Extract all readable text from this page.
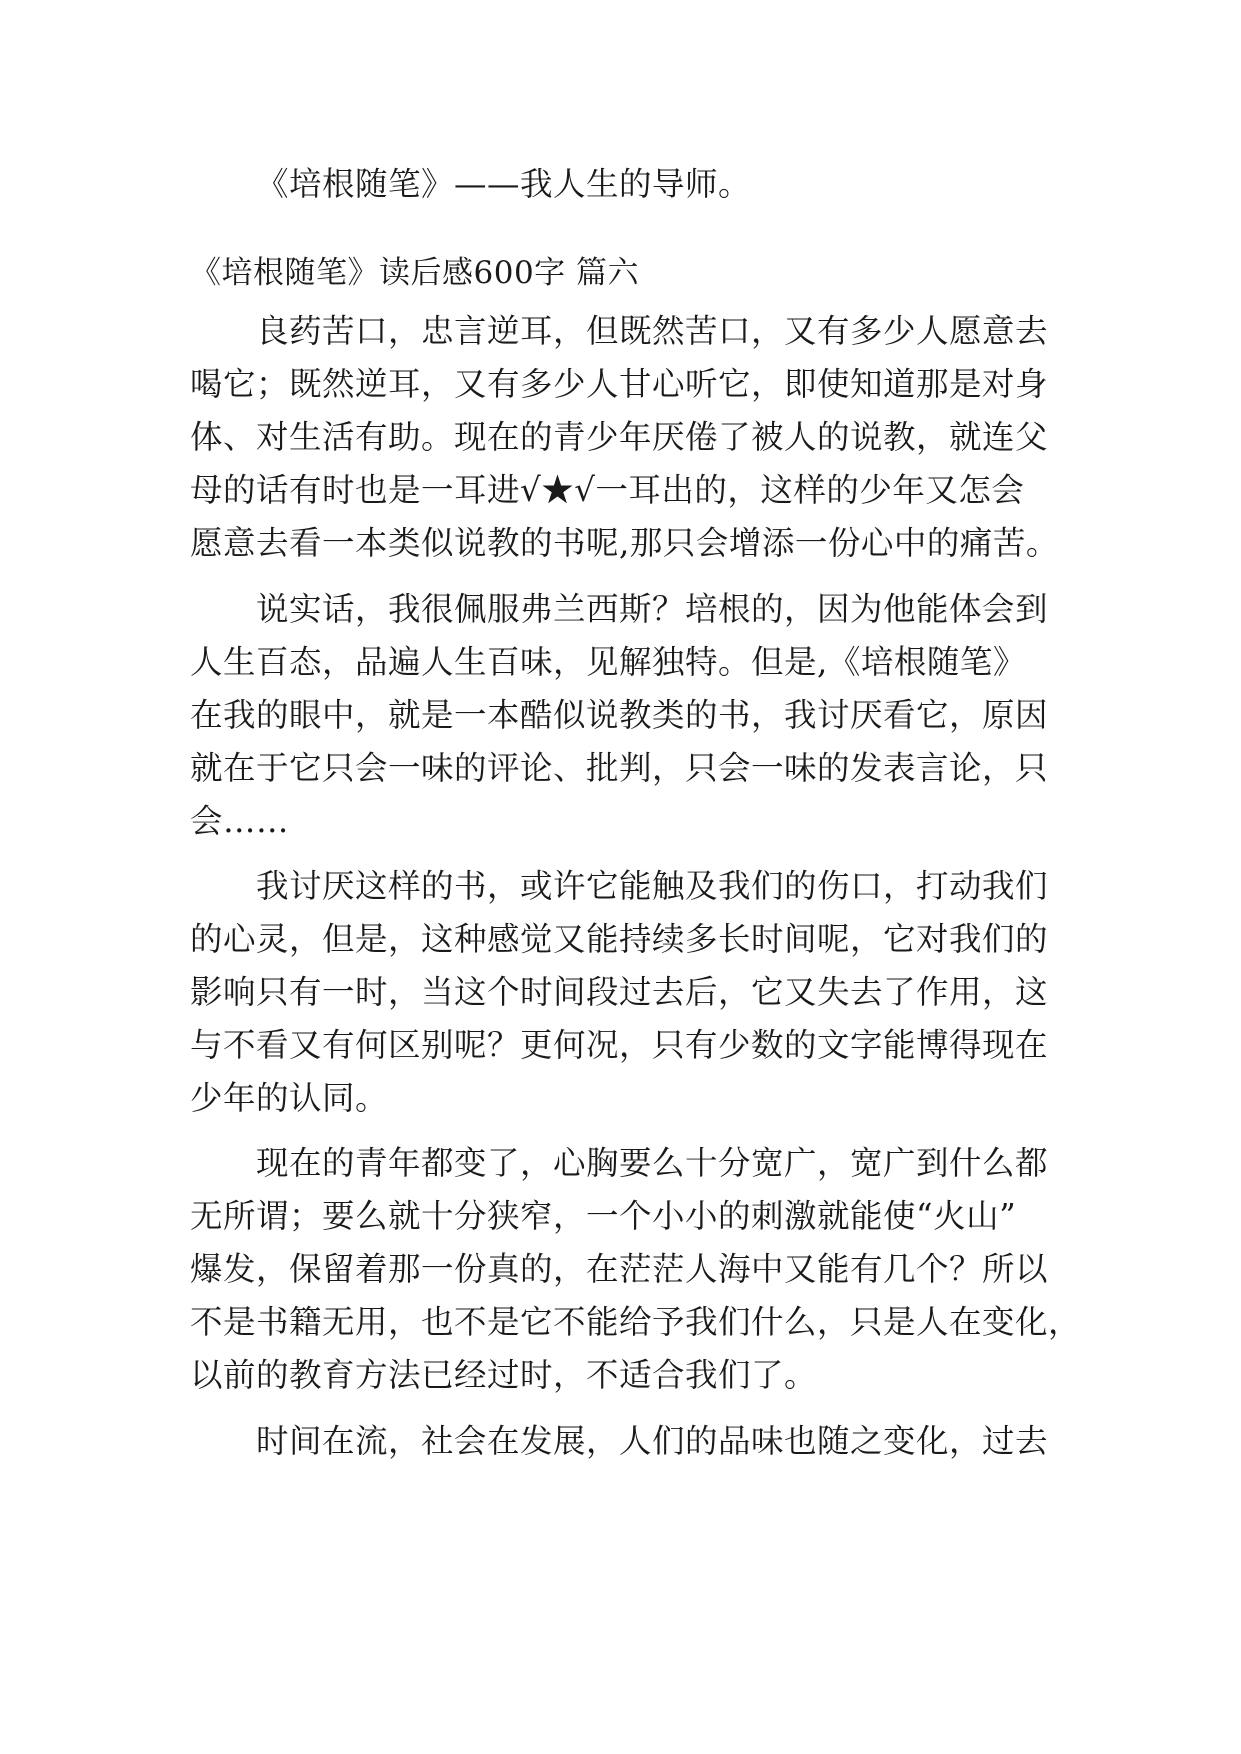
《培根随笔》——我人生的导师。
《培根随笔》读后感600字 篇六
良药苦口，忠言逆耳，但既然苦口，又有多少人愿意去
喝它；既然逆耳，又有多少人甘心听它，即使知道那是对身
体、对生活有助。现在的青少年厌倦了被人的说教，就连父
母的话有时也是一耳进√★√一耳出的，这样的少年又怎会
愿意去看一本类似说教的书呢,那只会增添一份心中的痛苦。
说实话，我很佩服弗兰西斯？培根的，因为他能体会到
人生百态，品遍人生百味，见解独特。但是,《培根随笔》
在我的眼中，就是一本酷似说教类的书，我讨厌看它，原因
就在于它只会一味的评论、批判，只会一味的发表言论，只
会……
我讨厌这样的书，或许它能触及我们的伤口，打动我们
的心灵，但是，这种感觉又能持续多长时间呢，它对我们的
影响只有一时，当这个时间段过去后，它又失去了作用，这
与不看又有何区别呢？更何况，只有少数的文字能博得现在
少年的认同。
现在的青年都变了，心胸要么十分宽广，宽广到什么都
无所谓；要么就十分狭窄，一个小小的刺激就能使“火山”
爆发，保留着那一份真的，在茫茫人海中又能有几个？所以
不是书籍无用，也不是它不能给予我们什么，只是人在变化，
以前的教育方法已经过时，不适合我们了。
时间在流，社会在发展，人们的品味也随之变化，过去
